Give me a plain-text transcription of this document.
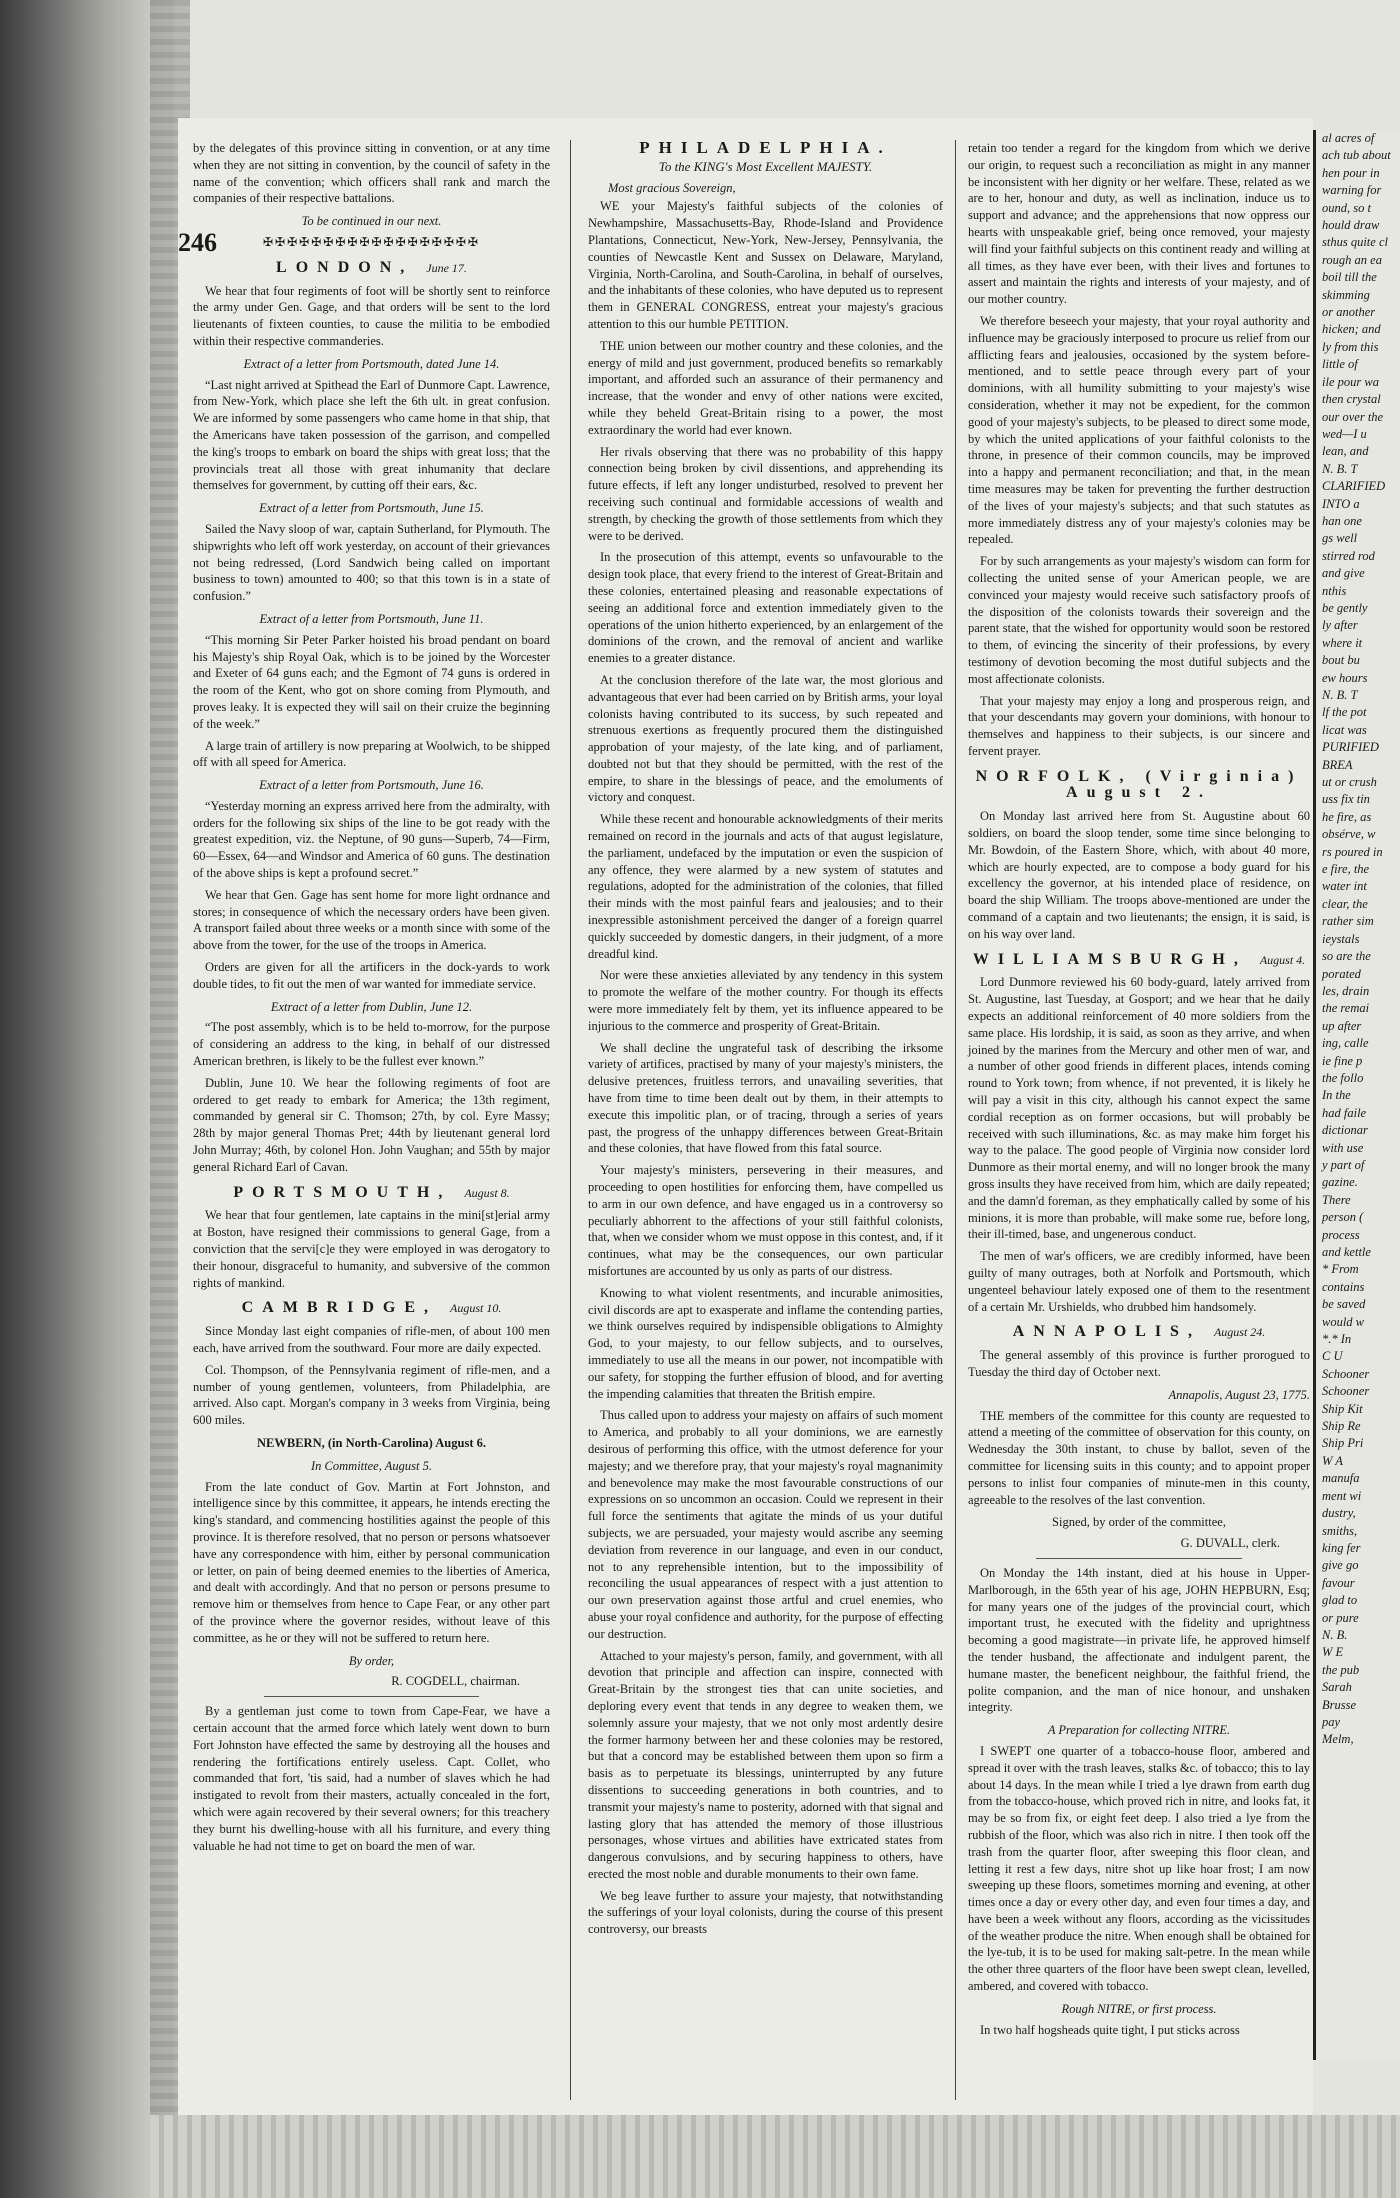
246

by the delegates of this province sitting in convention, or at any time when they are not sitting in convention, by the council of safety in the name of the convention; which officers shall rank and march the companies of their respective battalions.

To be continued in our next.
✠✠✠✠✠✠✠✠✠✠✠✠✠✠✠✠✠✠
LONDON, June 17.

We hear that four regiments of foot will be shortly sent to reinforce the army under Gen. Gage, and that orders will be sent to the lord lieutenants of fixteen counties, to cause the militia to be embodied within their respective commanderies.

Extract of a letter from Portsmouth, dated June 14.

“Last night arrived at Spithead the Earl of Dunmore Capt. Lawrence, from New-York, which place she left the 6th ult. in great confusion. We are informed by some passengers who came home in that ship, that the Americans have taken possession of the garrison, and compelled the king's troops to embark on board the ships with great loss; that the provincials treat all those with great inhumanity that declare themselves for government, by cutting off their ears, &c.

Extract of a letter from Portsmouth, June 15.

Sailed the Navy sloop of war, captain Sutherland, for Plymouth. The shipwrights who left off work yesterday, on account of their grievances not being redressed, (Lord Sandwich being called on important business to town) amounted to 400; so that this town is in a state of confusion.”

Extract of a letter from Portsmouth, June 11.

“This morning Sir Peter Parker hoisted his broad pendant on board his Majesty's ship Royal Oak, which is to be joined by the Worcester and Exeter of 64 guns each; and the Egmont of 74 guns is ordered in the room of the Kent, who got on shore coming from Plymouth, and proves leaky. It is expected they will sail on their cruize the beginning of the week.”

A large train of artillery is now preparing at Woolwich, to be shipped off with all speed for America.

Extract of a letter from Portsmouth, June 16.

“Yesterday morning an express arrived here from the admiralty, with orders for the following six ships of the line to be got ready with the greatest expedition, viz. the Neptune, of 90 guns—Superb, 74—Firm, 60—Essex, 64—and Windsor and America of 60 guns. The destination of the above ships is kept a profound secret.”

We hear that Gen. Gage has sent home for more light ordnance and stores; in consequence of which the necessary orders have been given. A transport failed about three weeks or a month since with some of the above from the tower, for the use of the troops in America.

Orders are given for all the artificers in the dock-yards to work double tides, to fit out the men of war wanted for immediate service.

Extract of a letter from Dublin, June 12.

“The post assembly, which is to be held to-morrow, for the purpose of considering an address to the king, in behalf of our distressed American brethren, is likely to be the fullest ever known.”

Dublin, June 10. We hear the following regiments of foot are ordered to get ready to embark for America; the 13th regiment, commanded by general sir C. Thomson; 27th, by col. Eyre Massy; 28th by major general Thomas Pret; 44th by lieutenant general lord John Murray; 46th, by colonel Hon. John Vaughan; and 55th by major general Richard Earl of Cavan.

PORTSMOUTH, August 8.

We hear that four gentlemen, late captains in the mini[st]erial army at Boston, have resigned their commissions to general Gage, from a conviction that the servi[c]e they were employed in was derogatory to their honour, disgraceful to humanity, and subversive of the common rights of mankind.

CAMBRIDGE, August 10.

Since Monday last eight companies of rifle-men, of about 100 men each, have arrived from the southward. Four more are daily expected.

Col. Thompson, of the Pennsylvania regiment of rifle-men, and a number of young gentlemen, volunteers, from Philadelphia, are arrived. Also capt. Morgan's company in 3 weeks from Virginia, being 600 miles.

NEWBERN, (in North-Carolina) August 6.
In Committee, August 5.

From the late conduct of Gov. Martin at Fort Johnston, and intelligence since by this committee, it appears, he intends erecting the king's standard, and commencing hostilities against the people of this province. It is therefore resolved, that no person or persons whatsoever have any correspondence with him, either by personal communication or letter, on pain of being deemed enemies to the liberties of America, and dealt with accordingly. And that no person or persons presume to remove him or themselves from hence to Cape Fear, or any other part of the province where the governor resides, without leave of this committee, as he or they will not be suffered to return here.

By order,
R. COGDELL, chairman.

By a gentleman just come to town from Cape-Fear, we have a certain account that the armed force which lately went down to burn Fort Johnston have effected the same by destroying all the houses and rendering the fortifications entirely useless. Capt. Collet, who commanded that fort, 'tis said, had a number of slaves which he had instigated to revolt from their masters, actually concealed in the fort, which were again recovered by their several owners; for this treachery they burnt his dwelling-house with all his furniture, and every thing valuable he had not time to get on board the men of war.

PHILADELPHIA.
To the KING's Most Excellent MAJESTY.
Most gracious Sovereign,

WE your Majesty's faithful subjects of the colonies of Newhampshire, Massachusetts-Bay, Rhode-Island and Providence Plantations, Connecticut, New-York, New-Jersey, Pennsylvania, the counties of Newcastle Kent and Sussex on Delaware, Maryland, Virginia, North-Carolina, and South-Carolina, in behalf of ourselves, and the inhabitants of these colonies, who have deputed us to represent them in GENERAL CONGRESS, entreat your majesty's gracious attention to this our humble PETITION.

THE union between our mother country and these colonies, and the energy of mild and just government, produced benefits so remarkably important, and afforded such an assurance of their permanency and increase, that the wonder and envy of other nations were excited, while they beheld Great-Britain rising to a power, the most extraordinary the world had ever known.

Her rivals observing that there was no probability of this happy connection being broken by civil dissentions, and apprehending its future effects, if left any longer undisturbed, resolved to prevent her receiving such continual and formidable accessions of wealth and strength, by checking the growth of those settlements from which they were to be derived.

In the prosecution of this attempt, events so unfavourable to the design took place, that every friend to the interest of Great-Britain and these colonies, entertained pleasing and reasonable expectations of seeing an additional force and extention immediately given to the operations of the union hitherto experienced, by an enlargement of the dominions of the crown, and the removal of ancient and warlike enemies to a greater distance.

At the conclusion therefore of the late war, the most glorious and advantageous that ever had been carried on by British arms, your loyal colonists having contributed to its success, by such repeated and strenuous exertions as frequently procured them the distinguished approbation of your majesty, of the late king, and of parliament, doubted not but that they should be permitted, with the rest of the empire, to share in the blessings of peace, and the emoluments of victory and conquest.

While these recent and honourable acknowledgments of their merits remained on record in the journals and acts of that august legislature, the parliament, undefaced by the imputation or even the suspicion of any offence, they were alarmed by a new system of statutes and regulations, adopted for the administration of the colonies, that filled their minds with the most painful fears and jealousies; and to their inexpressible astonishment perceived the danger of a foreign quarrel quickly succeeded by domestic dangers, in their judgment, of a more dreadful kind.

Nor were these anxieties alleviated by any tendency in this system to promote the welfare of the mother country. For though its effects were more immediately felt by them, yet its influence appeared to be injurious to the commerce and prosperity of Great-Britain.

We shall decline the ungrateful task of describing the irksome variety of artifices, practised by many of your majesty's ministers, the delusive pretences, fruitless terrors, and unavailing severities, that have from time to time been dealt out by them, in their attempts to execute this impolitic plan, or of tracing, through a series of years past, the progress of the unhappy differences between Great-Britain and these colonies, that have flowed from this fatal source.

Your majesty's ministers, persevering in their measures, and proceeding to open hostilities for enforcing them, have compelled us to arm in our own defence, and have engaged us in a controversy so peculiarly abhorrent to the affections of your still faithful colonists, that, when we consider whom we must oppose in this contest, and, if it continues, what may be the consequences, our own particular misfortunes are accounted by us only as parts of our distress.

Knowing to what violent resentments, and incurable animosities, civil discords are apt to exasperate and inflame the contending parties, we think ourselves required by indispensible obligations to Almighty God, to your majesty, to our fellow subjects, and to ourselves, immediately to use all the means in our power, not incompatible with our safety, for stopping the further effusion of blood, and for averting the impending calamities that threaten the British empire.

Thus called upon to address your majesty on affairs of such moment to America, and probably to all your dominions, we are earnestly desirous of performing this office, with the utmost deference for your majesty; and we therefore pray, that your majesty's royal magnanimity and benevolence may make the most favourable constructions of our expressions on so uncommon an occasion. Could we represent in their full force the sentiments that agitate the minds of us your dutiful subjects, we are persuaded, your majesty would ascribe any seeming deviation from reverence in our language, and even in our conduct, not to any reprehensible intention, but to the impossibility of reconciling the usual appearances of respect with a just attention to our own preservation against those artful and cruel enemies, who abuse your royal confidence and authority, for the purpose of effecting our destruction.

Attached to your majesty's person, family, and government, with all devotion that principle and affection can inspire, connected with Great-Britain by the strongest ties that can unite societies, and deploring every event that tends in any degree to weaken them, we solemnly assure your majesty, that we not only most ardently desire the former harmony between her and these colonies may be restored, but that a concord may be established between them upon so firm a basis as to perpetuate its blessings, uninterrupted by any future dissentions to succeeding generations in both countries, and to transmit your majesty's name to posterity, adorned with that signal and lasting glory that has attended the memory of those illustrious personages, whose virtues and abilities have extricated states from dangerous convulsions, and by securing happiness to others, have erected the most noble and durable monuments to their own fame.

We beg leave further to assure your majesty, that notwithstanding the sufferings of your loyal colonists, during the course of this present controversy, our breasts

retain too tender a regard for the kingdom from which we derive our origin, to request such a reconciliation as might in any manner be inconsistent with her dignity or her welfare. These, related as we are to her, honour and duty, as well as inclination, induce us to support and advance; and the apprehensions that now oppress our hearts with unspeakable grief, being once removed, your majesty will find your faithful subjects on this continent ready and willing at all times, as they have ever been, with their lives and fortunes to assert and maintain the rights and interests of your majesty, and of our mother country.

We therefore beseech your majesty, that your royal authority and influence may be graciously interposed to procure us relief from our afflicting fears and jealousies, occasioned by the system before-mentioned, and to settle peace through every part of your dominions, with all humility submitting to your majesty's wise consideration, whether it may not be expedient, for the common good of your majesty's subjects, to be pleased to direct some mode, by which the united applications of your faithful colonists to the throne, in presence of their common councils, may be improved into a happy and permanent reconciliation; and that, in the mean time measures may be taken for preventing the further destruction of the lives of your majesty's subjects; and that such statutes as more immediately distress any of your majesty's colonies may be repealed.

For by such arrangements as your majesty's wisdom can form for collecting the united sense of your American people, we are convinced your majesty would receive such satisfactory proofs of the disposition of the colonists towards their sovereign and the parent state, that the wished for opportunity would soon be restored to them, of evincing the sincerity of their professions, by every testimony of devotion becoming the most dutiful subjects and the most affectionate colonists.

That your majesty may enjoy a long and prosperous reign, and that your descendants may govern your dominions, with honour to themselves and happiness to their subjects, is our sincere and fervent prayer.

NORFOLK, (Virginia) August 2.

On Monday last arrived here from St. Augustine about 60 soldiers, on board the sloop tender, some time since belonging to Mr. Bowdoin, of the Eastern Shore, which, with about 40 more, which are hourly expected, are to compose a body guard for his excellency the governor, at his intended place of residence, on board the ship William. The troops above-mentioned are under the command of a captain and two lieutenants; the ensign, it is said, is on his way over land.

WILLIAMSBURGH, August 4.

Lord Dunmore reviewed his 60 body-guard, lately arrived from St. Augustine, last Tuesday, at Gosport; and we hear that he daily expects an additional reinforcement of 40 more soldiers from the same place. His lordship, it is said, as soon as they arrive, and when joined by the marines from the Mercury and other men of war, and a number of other good friends in different places, intends coming round to York town; from whence, if not prevented, it is likely he will pay a visit in this city, although his cannot expect the same cordial reception as on former occasions, but will probably be received with such illuminations, &c. as may make him forget his way to the palace. The good people of Virginia now consider lord Dunmore as their mortal enemy, and will no longer brook the many gross insults they have received from him, which are daily repeated; and the damn'd foreman, as they emphatically called by some of his minions, it is more than probable, will make some rue, before long, their ill-timed, base, and ungenerous conduct.

The men of war's officers, we are credibly informed, have been guilty of many outrages, both at Norfolk and Portsmouth, which ungenteel behaviour lately exposed one of them to the resentment of a certain Mr. Urshields, who drubbed him handsomely.

ANNAPOLIS, August 24.

The general assembly of this province is further prorogued to Tuesday the third day of October next.

Annapolis, August 23, 1775.

THE members of the committee for this county are requested to attend a meeting of the committee of observation for this county, on Wednesday the 30th instant, to chuse by ballot, seven of the committee for licensing suits in this county; and to appoint proper persons to inlist four companies of minute-men in this county, agreeable to the resolves of the last convention.

Signed, by order of the committee,
G. DUVALL, clerk.

On Monday the 14th instant, died at his house in Upper-Marlborough, in the 65th year of his age, JOHN HEPBURN, Esq; for many years one of the judges of the provincial court, which important trust, he executed with the fidelity and uprightness becoming a good magistrate—in private life, he approved himself the tender husband, the affectionate and indulgent parent, the humane master, the beneficent neighbour, the faithful friend, the polite companion, and the man of nice honour, and unshaken integrity.

A Preparation for collecting NITRE.

I SWEPT one quarter of a tobacco-house floor, ambered and spread it over with the trash leaves, stalks &c. of tobacco; this to lay about 14 days. In the mean while I tried a lye drawn from earth dug from the tobacco-house, which proved rich in nitre, and looks fat, it may be so from fix, or eight feet deep. I also tried a lye from the rubbish of the floor, which was also rich in nitre. I then took off the trash from the quarter floor, after sweeping this floor clean, and letting it rest a few days, nitre shot up like hoar frost; I am now sweeping up these floors, sometimes morning and evening, at other times once a day or every other day, and even four times a day, and have been a week without any floors, according as the vicissitudes of the weather produce the nitre. When enough shall be obtained for the lye-tub, it is to be used for making salt-petre. In the mean while the other three quarters of the floor have been swept clean, levelled, ambered, and covered with tobacco.

Rough NITRE, or first process.

In two half hogsheads quite tight, I put sticks across

al acres of
ach tub about
hen pour in
warning for
ound, so t
hould draw
sthus quite cl
rough an ea
boil till the
skimming
or another
hicken; and
ly from this
little of
ile pour wa
then crystal
our over the
wed—I u
lean, and
N. B. T
CLARIFIED
INTO a
han one
gs well
stirred rod
and give
nthis
be gently
ly after
where it
bout bu
ew hours
N. B. T
lf the pot
licat was
PURIFIED
BREA
ut or crush
uss fix tin
he fire, as
obsérve, w
rs poured in
e fire, the
water int
clear, the
rather sim
ieystals
so are the
porated
les, drain
the remai
up after
ing, calle
ie fine p
the follo
In the
had faile
dictionar
with use
y part of
gazine.
There
person (
process
and kettle
* From
contains
be saved
would w
*.* In
C U
Schooner
Schooner
Ship Kit
Ship Re
Ship Pri
W A
manufa
ment wi
dustry,
smiths,
king fer
give go
favour
glad to
or pure
N. B.
W E
the pub
Sarah
Brusse
pay
Melm,
